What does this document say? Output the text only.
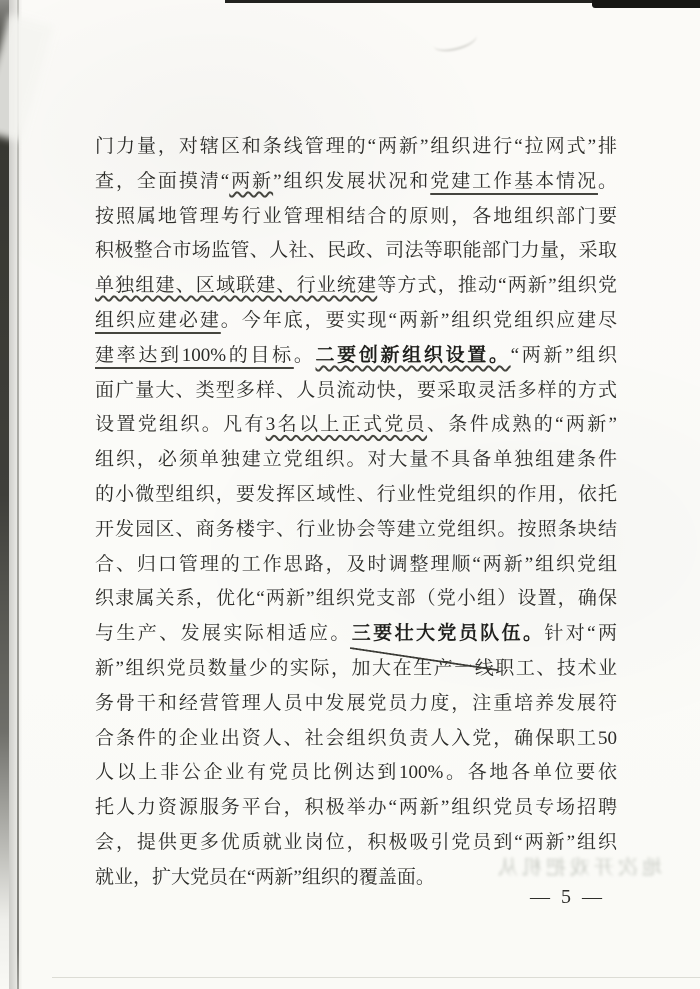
门力量，对辖区和条线管理的“两新”组织进行“拉网式”排
查，全面摸清“两新”组织发展状况和党建工作基本情况。
按照属地管理与行业管理相结合的原则，各地组织部门要
积极整合市场监管、人社、民政、司法等职能部门力量，采取
单独组建、区域联建、行业统建等方式，推动“两新”组织党
组织应建必建。今年底，要实现“两新”组织党组织应建尽
建率达到100%的目标。二要创新组织设置。“两新”组织
面广量大、类型多样、人员流动快，要采取灵活多样的方式
设置党组织。凡有3名以上正式党员、条件成熟的“两新”
组织，必须单独建立党组织。对大量不具备单独组建条件
的小微型组织，要发挥区域性、行业性党组织的作用，依托
开发园区、商务楼宇、行业协会等建立党组织。按照条块结
合、归口管理的工作思路，及时调整理顺“两新”组织党组
织隶属关系，优化“两新”组织党支部（党小组）设置，确保
与生产、发展实际相适应。三要壮大党员队伍。针对“两
新”组织党员数量少的实际，加大在生产一线职工、技术业
务骨干和经营管理人员中发展党员力度，注重培养发展符
合条件的企业出资人、社会组织负责人入党，确保职工50
人以上非公企业有党员比例达到100%。各地各单位要依
托人力资源服务平台，积极举办“两新”组织党员专场招聘
会，提供更多优质就业岗位，积极吸引党员到“两新”组织
就业，扩大党员在“两新”组织的覆盖面。	地次开戏把机从
— 5 —
